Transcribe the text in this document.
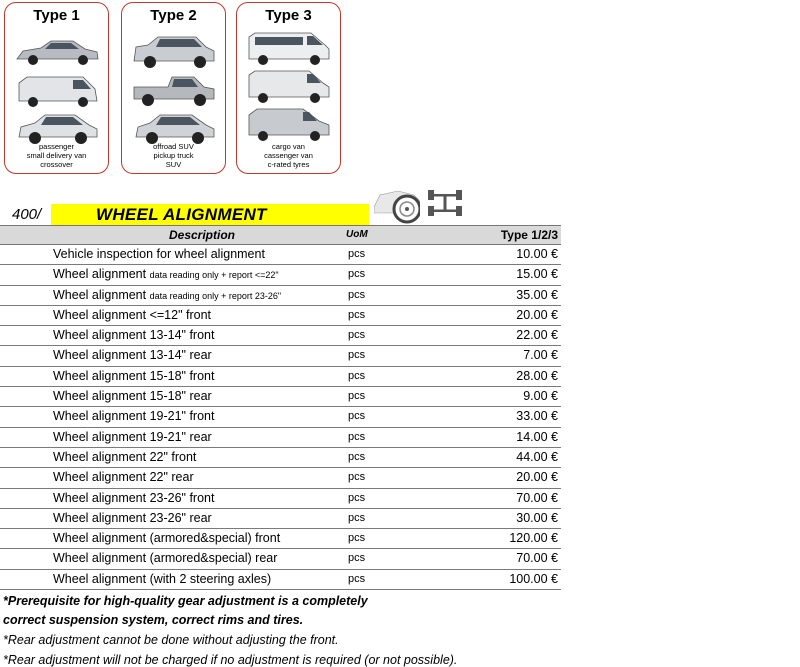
Type 1
passenger
small delivery van
crossover
Type 2
offroad SUV
pickup truck
SUV
Type 3
cargo van
cassenger van
c-rated tyres
400/	WHEEL ALIGNMENT
Description	UoM	Type 1/2/3
Vehicle inspection for wheel alignment	pcs	10.00 €
Wheel alignment data reading only + report <=22"	pcs	15.00 €
Wheel alignment data reading only + report 23-26"	pcs	35.00 €
Wheel alignment <=12" front	pcs	20.00 €
Wheel alignment 13-14" front	pcs	22.00 €
Wheel alignment 13-14" rear	pcs	7.00 €
Wheel alignment 15-18" front	pcs	28.00 €
Wheel alignment 15-18" rear	pcs	9.00 €
Wheel alignment 19-21" front	pcs	33.00 €
Wheel alignment 19-21" rear	pcs	14.00 €
Wheel alignment 22" front	pcs	44.00 €
Wheel alignment 22" rear	pcs	20.00 €
Wheel alignment 23-26" front	pcs	70.00 €
Wheel alignment 23-26" rear	pcs	30.00 €
Wheel alignment (armored&special) front	pcs	120.00 €
Wheel alignment (armored&special) rear	pcs	70.00 €
Wheel alignment (with 2 steering axles)	pcs	100.00 €
*Prerequisite for high-quality gear adjustment is a completely
correct suspension system, correct rims and tires.
*Rear adjustment cannot be done without adjusting the front.
*Rear adjustment will not be charged if no adjustment is required (or not possible).
